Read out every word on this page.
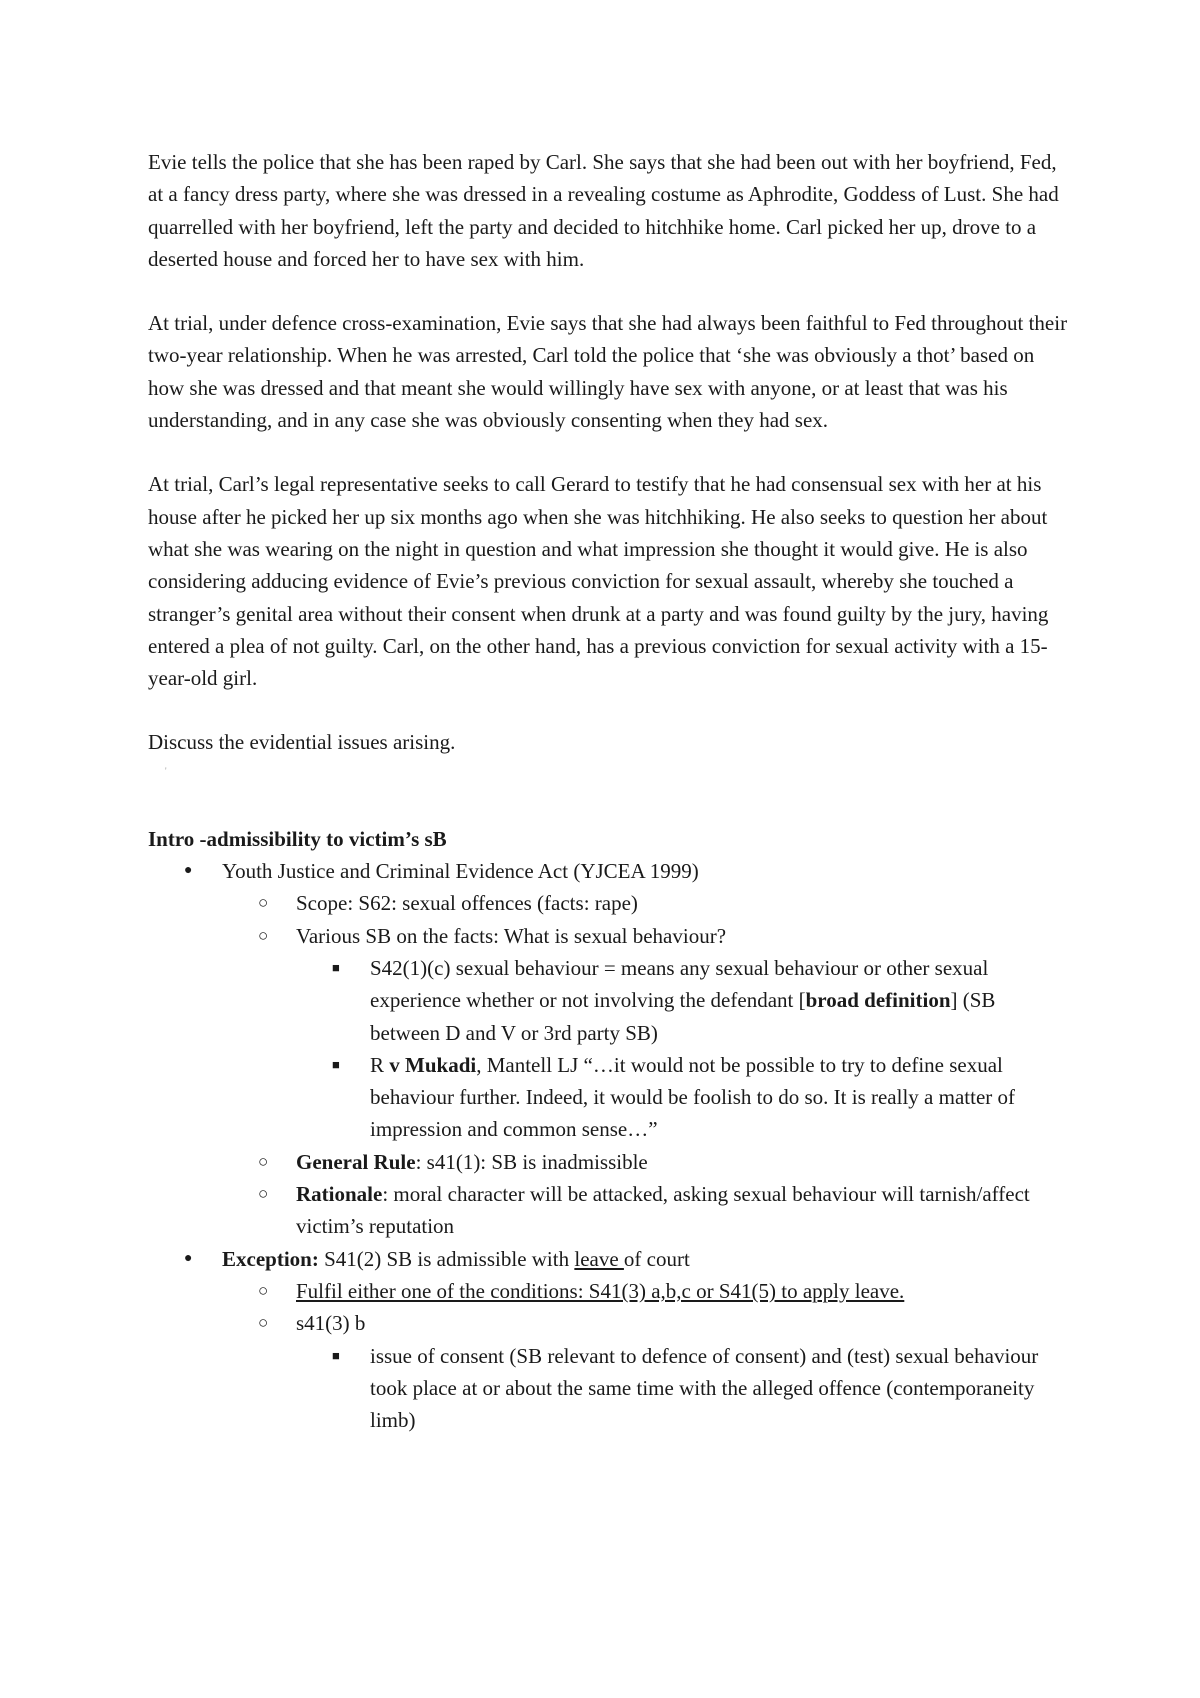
Evie tells the police that she has been raped by Carl. She says that she had been out with her boyfriend, Fed, at a fancy dress party, where she was dressed in a revealing costume as Aphrodite, Goddess of Lust. She had quarrelled with her boyfriend, left the party and decided to hitchhike home. Carl picked her up, drove to a deserted house and forced her to have sex with him.

At trial, under defence cross-examination, Evie says that she had always been faithful to Fed throughout their two-year relationship. When he was arrested, Carl told the police that ‘she was obviously a thot’ based on how she was dressed and that meant she would willingly have sex with anyone, or at least that was his understanding, and in any case she was obviously consenting when they had sex.

At trial, Carl’s legal representative seeks to call Gerard to testify that he had consensual sex with her at his house after he picked her up six months ago when she was hitchhiking. He also seeks to question her about what she was wearing on the night in question and what impression she thought it would give. He is also considering adducing evidence of Evie’s previous conviction for sexual assault, whereby she touched a stranger’s genital area without their consent when drunk at a party and was found guilty by the jury, having entered a plea of not guilty. Carl, on the other hand, has a previous conviction for sexual activity with a 15-year-old girl.

Discuss the evidential issues arising.

'
Intro -admissibility to victim’s sB
● Youth Justice and Criminal Evidence Act (YJCEA 1999)
○ Scope: S62: sexual offences (facts: rape)
○ Various SB on the facts: What is sexual behaviour?
■ S42(1)(c) sexual behaviour = means any sexual behaviour or other sexual experience whether or not involving the defendant [broad definition] (SB between D and V or 3rd party SB)
■ R v Mukadi, Mantell LJ “…it would not be possible to try to define sexual behaviour further. Indeed, it would be foolish to do so. It is really a matter of impression and common sense…”
○ General Rule: s41(1): SB is inadmissible
○ Rationale: moral character will be attacked, asking sexual behaviour will tarnish/affect victim’s reputation
● Exception: S41(2) SB is admissible with leave of court
○ Fulfil either one of the conditions: S41(3) a,b,c or S41(5) to apply leave.
○ s41(3) b
■ issue of consent (SB relevant to defence of consent) and (test) sexual behaviour took place at or about the same time with the alleged offence (contemporaneity limb)
